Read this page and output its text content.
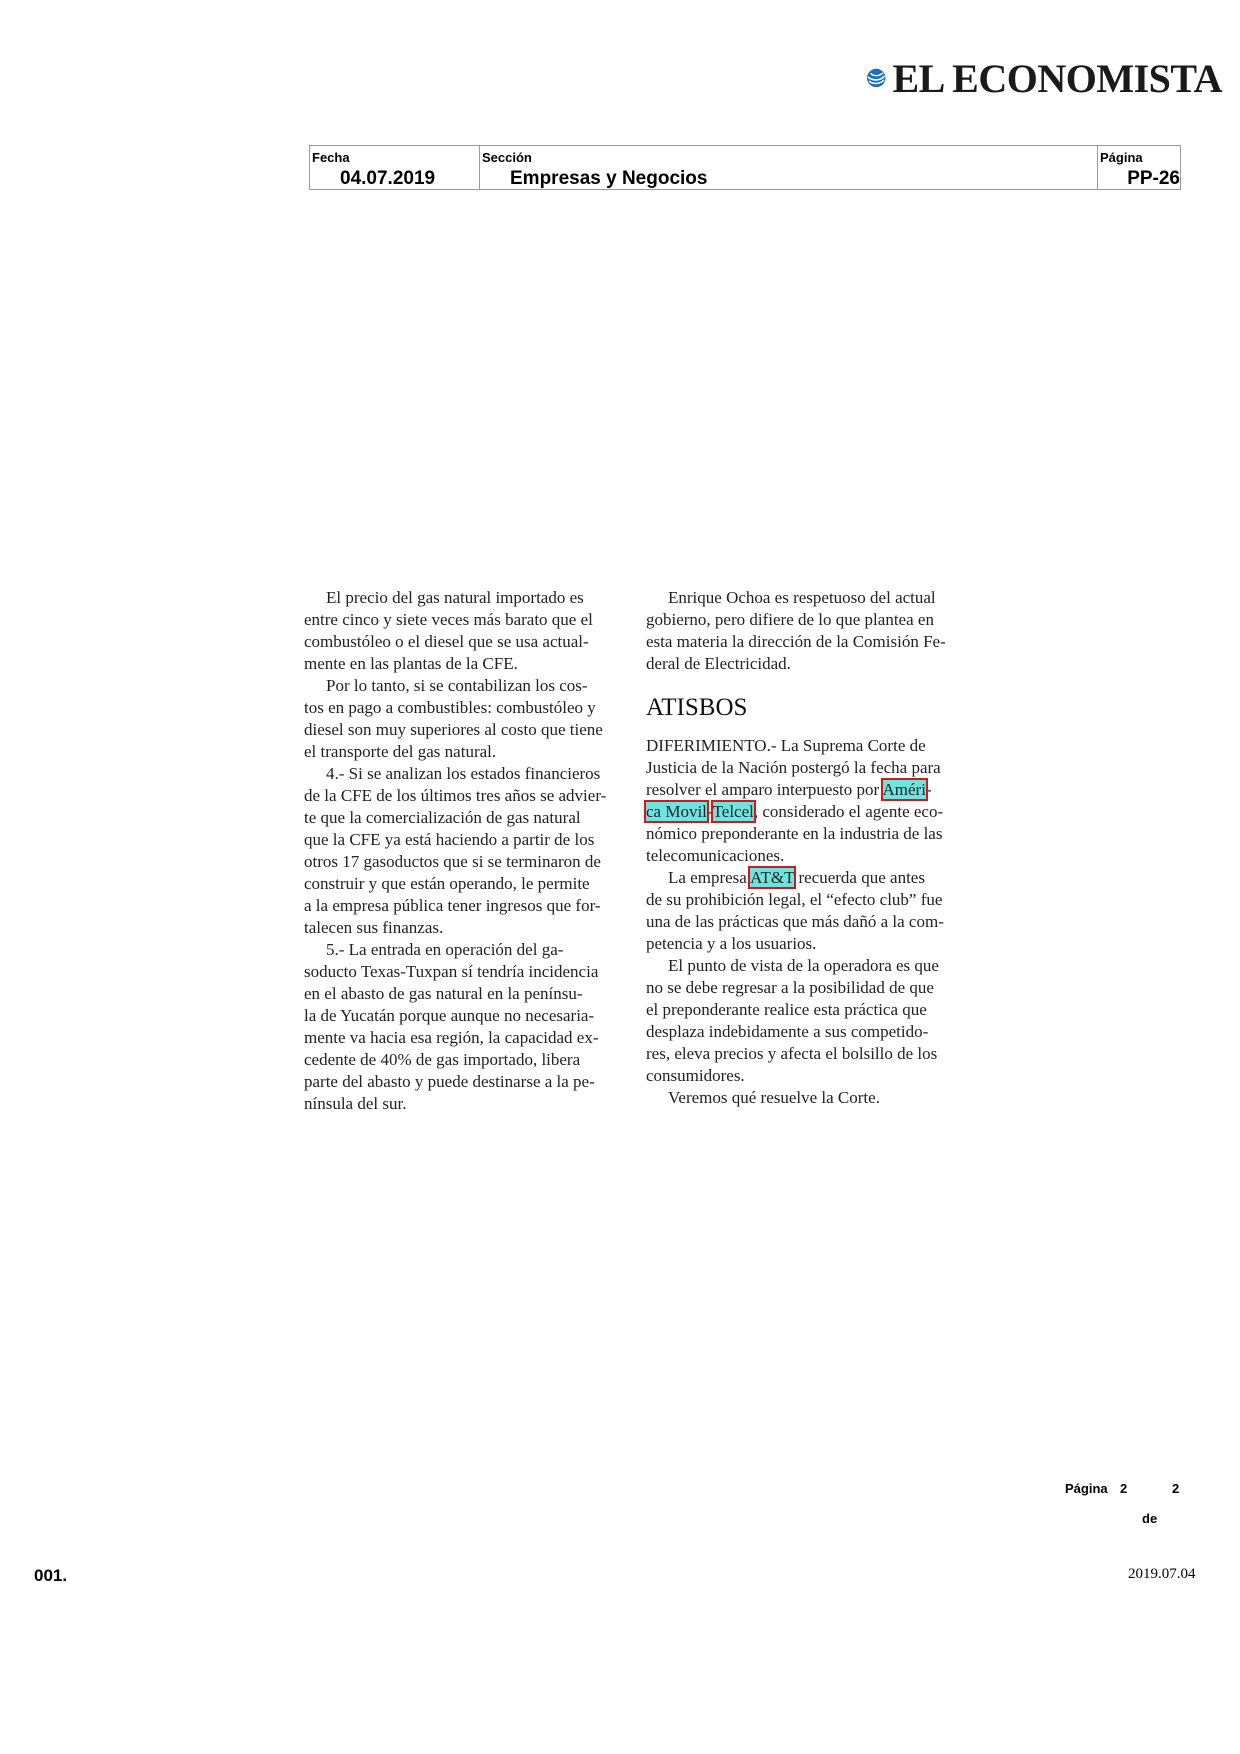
EL ECONOMISTA
Fecha
04.07.2019
Sección
Empresas y Negocios
Página
PP-26

El precio del gas natural importado es
entre cinco y siete veces más barato que el
combustóleo o el diesel que se usa actual-
mente en las plantas de la CFE.

Por lo tanto, si se contabilizan los cos-
tos en pago a combustibles: combustóleo y
diesel son muy superiores al costo que tiene
el transporte del gas natural.

4.- Si se analizan los estados financieros
de la CFE de los últimos tres años se advier-
te que la comercialización de gas natural
que la CFE ya está haciendo a partir de los
otros 17 gasoductos que si se terminaron de
construir y que están operando, le permite
a la empresa pública tener ingresos que for-
talecen sus finanzas.

5.- La entrada en operación del ga-
soducto Texas-Tuxpan sí tendría incidencia
en el abasto de gas natural en la penínsu-
la de Yucatán porque aunque no necesaria-
mente va hacia esa región, la capacidad ex-
cedente de 40% de gas importado, libera
parte del abasto y puede destinarse a la pe-
nínsula del sur.

Enrique Ochoa es respetuoso del actual
gobierno, pero difiere de lo que plantea en
esta materia la dirección de la Comisión Fe-
deral de Electricidad.

ATISBOS

DIFERIMIENTO.- La Suprema Corte de
Justicia de la Nación postergó la fecha para
resolver el amparo interpuesto por Améri-
ca Movil-Telcel, considerado el agente eco-
nómico preponderante en la industria de las
telecomunicaciones.

La empresa AT&T recuerda que antes
de su prohibición legal, el “efecto club” fue
una de las prácticas que más dañó a la com-
petencia y a los usuarios.

El punto de vista de la operadora es que
no se debe regresar a la posibilidad de que
el preponderante realice esta práctica que
desplaza indebidamente a sus competido-
res, eleva precios y afecta el bolsillo de los
consumidores.

Veremos qué resuelve la Corte.

Página 2	2
de
001.	2019.07.04
